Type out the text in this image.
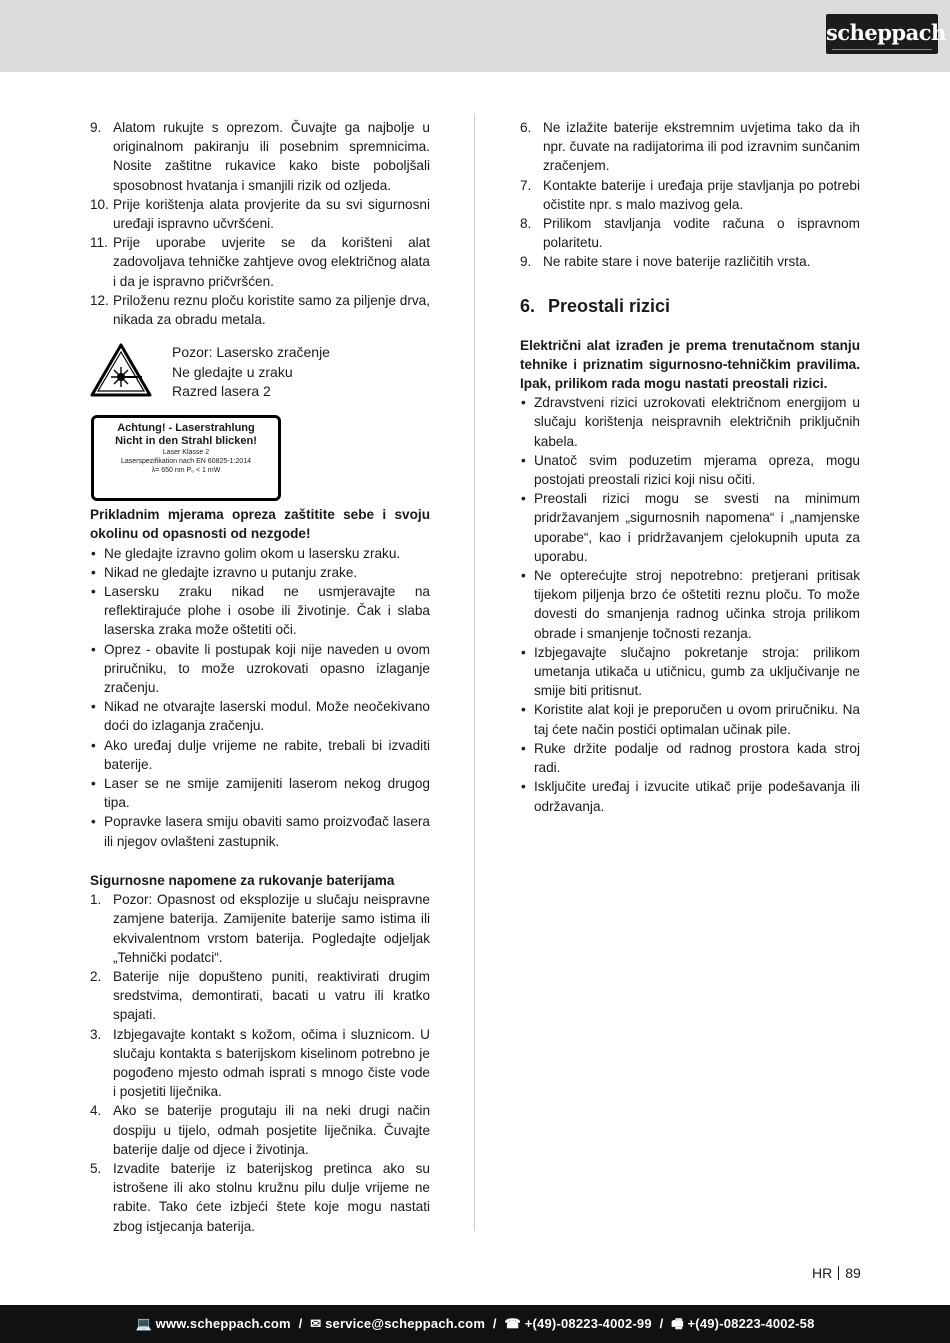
scheppach
9. Alatom rukujte s oprezom. Čuvajte ga najbolje u originalnom pakiranju ili posebnim spremnicima. Nosite zaštitne rukavice kako biste poboljšali sposobnost hvatanja i smanjili rizik od ozljeda.
10. Prije korištenja alata provjerite da su svi sigurnosni uređaji ispravno učvršćeni.
11. Prije uporabe uvjerite se da korišteni alat zadovoljava tehničke zahtjeve ovog električnog alata i da je ispravno pričvršćen.
12. Priloženu reznu ploču koristite samo za piljenje drva, nikada za obradu metala.
Pozor: Lasersko zračenje
Ne gledajte u zraku
Razred lasera 2
Achtung! - Laserstrahlung
Nicht in den Strahl blicken!
Laser Klasse 2
Laserspezifikation nach EN 60825-1:2014
λ= 650 nm P₀ < 1 mW

Prikladnim mjerama opreza zaštitite sebe i svoju okolinu od opasnosti od nezgode!

• Ne gledajte izravno golim okom u lasersku zraku.
• Nikad ne gledajte izravno u putanju zrake.
• Lasersku zraku nikad ne usmjeravajte na reflektirajuće plohe i osobe ili životinje. Čak i slaba laserska zraka može oštetiti oči.
• Oprez - obavite li postupak koji nije naveden u ovom priručniku, to može uzrokovati opasno izlaganje zračenju.
• Nikad ne otvarajte laserski modul. Može neočekivano doći do izlaganja zračenju.
• Ako uređaj dulje vrijeme ne rabite, trebali bi izvaditi baterije.
• Laser se ne smije zamijeniti laserom nekog drugog tipa.
• Popravke lasera smiju obaviti samo proizvođač lasera ili njegov ovlašteni zastupnik.

Sigurnosne napomene za rukovanje baterijama

1. Pozor: Opasnost od eksplozije u slučaju neispravne zamjene baterija. Zamijenite baterije samo istima ili ekvivalentnom vrstom baterija. Pogledajte odjeljak „Tehnički podatci“.
2. Baterije nije dopušteno puniti, reaktivirati drugim sredstvima, demontirati, bacati u vatru ili kratko spajati.
3. Izbjegavajte kontakt s kožom, očima i sluznicom. U slučaju kontakta s baterijskom kiselinom potrebno je pogođeno mjesto odmah isprati s mnogo čiste vode i posjetiti liječnika.
4. Ako se baterije progutaju ili na neki drugi način dospiju u tijelo, odmah posjetite liječnika. Čuvajte baterije dalje od djece i životinja.
5. Izvadite baterije iz baterijskog pretinca ako su istrošene ili ako stolnu kružnu pilu dulje vrijeme ne rabite. Tako ćete izbjeći štete koje mogu nastati zbog istjecanja baterija.
6. Ne izlažite baterije ekstremnim uvjetima tako da ih npr. čuvate na radijatorima ili pod izravnim sunčanim zračenjem.
7. Kontakte baterije i uređaja prije stavljanja po potrebi očistite npr. s malo mazivog gela.
8. Prilikom stavljanja vodite računa o ispravnom polaritetu.
9. Ne rabite stare i nove baterije različitih vrsta.
6. Preostali rizici

Električni alat izrađen je prema trenutačnom stanju tehnike i priznatim sigurnosno-tehničkim pravilima. Ipak, prilikom rada mogu nastati preostali rizici.

• Zdravstveni rizici uzrokovati električnom energijom u slučaju korištenja neispravnih električnih priključnih kabela.
• Unatoč svim poduzetim mjerama opreza, mogu postojati preostali rizici koji nisu očiti.
• Preostali rizici mogu se svesti na minimum pridržavanjem „sigurnosnih napomena“ i „namjenske uporabe“, kao i pridržavanjem cjelokupnih uputa za uporabu.
• Ne opterećujte stroj nepotrebno: pretjerani pritisak tijekom piljenja brzo će oštetiti reznu ploču. To može dovesti do smanjenja radnog učinka stroja prilikom obrade i smanjenje točnosti rezanja.
• Izbjegavajte slučajno pokretanje stroja: prilikom umetanja utikača u utičnicu, gumb za uključivanje ne smije biti pritisnut.
• Koristite alat koji je preporučen u ovom priručniku. Na taj ćete način postići optimalan učinak pile.
• Ruke držite podalje od radnog prostora kada stroj radi.
• Isključite uređaj i izvucite utikač prije podešavanja ili održavanja.
HR 89
💻 www.scheppach.com / ✉ service@scheppach.com / ☎ +(49)-08223-4002-99 / 🖷 +(49)-08223-4002-58
